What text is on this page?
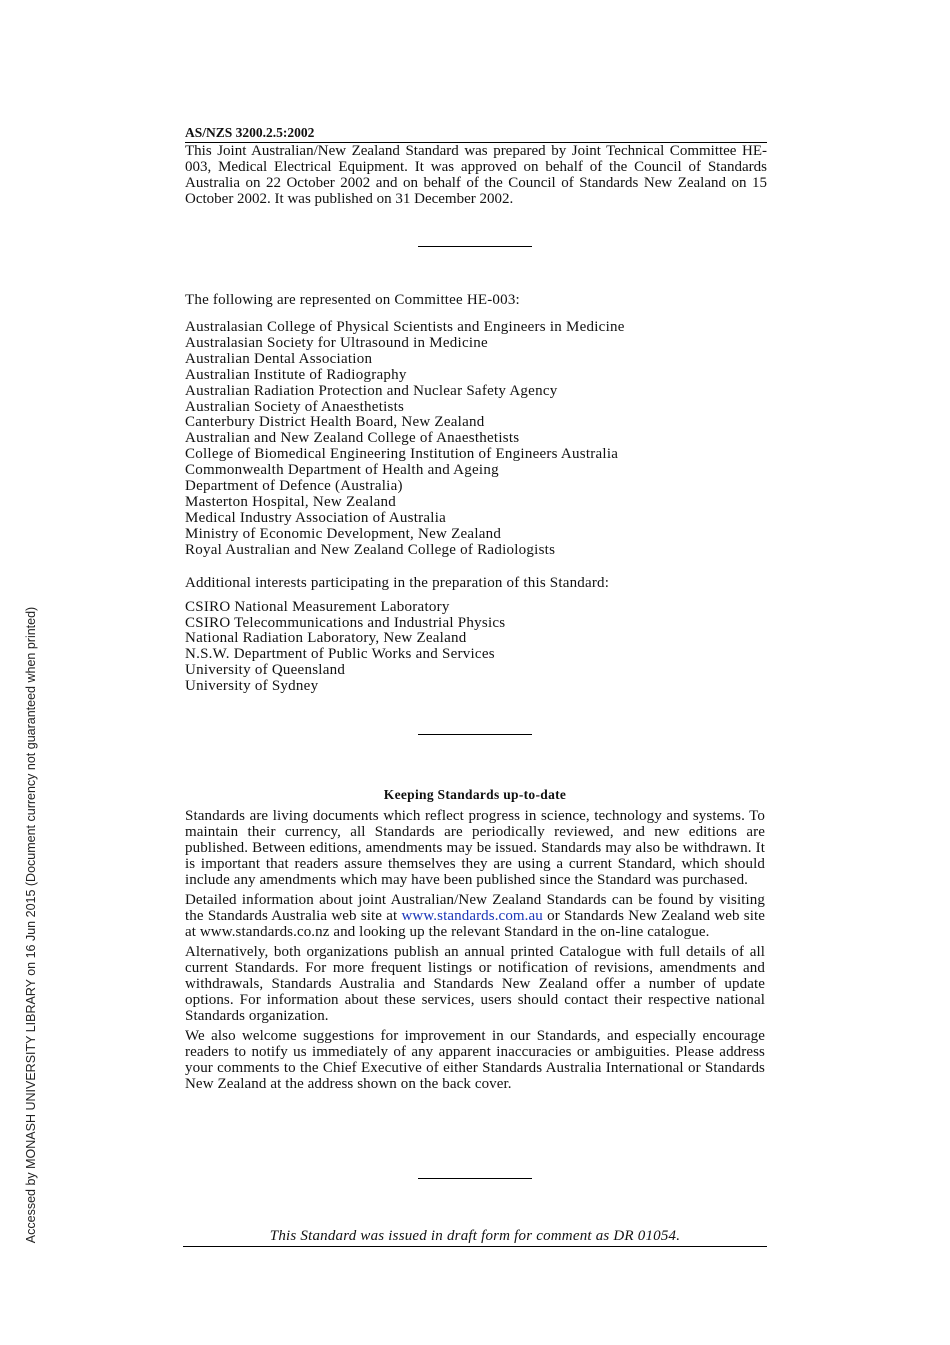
Accessed by MONASH UNIVERSITY LIBRARY on 16 Jun 2015 (Document currency not guaranteed when printed)
AS/NZS 3200.2.5:2002

This Joint Australian/New Zealand Standard was prepared by Joint Technical Committee HE-003, Medical Electrical Equipment. It was approved on behalf of the Council of Standards Australia on 22 October 2002 and on behalf of the Council of Standards New Zealand on 15 October 2002. It was published on 31 December 2002.

The following are represented on Committee HE-003:

Australasian College of Physical Scientists and Engineers in Medicine
Australasian Society for Ultrasound in Medicine
Australian Dental Association
Australian Institute of Radiography
Australian Radiation Protection and Nuclear Safety Agency
Australian Society of Anaesthetists
Canterbury District Health Board, New Zealand
Australian and New Zealand College of Anaesthetists
College of Biomedical Engineering Institution of Engineers Australia
Commonwealth Department of Health and Ageing
Department of Defence (Australia)
Masterton Hospital, New Zealand
Medical Industry Association of Australia
Ministry of Economic Development, New Zealand
Royal Australian and New Zealand College of Radiologists

Additional interests participating in the preparation of this Standard:

CSIRO National Measurement Laboratory
CSIRO Telecommunications and Industrial Physics
National Radiation Laboratory, New Zealand
N.S.W. Department of Public Works and Services
University of Queensland
University of Sydney
Keeping Standards up-to-date

Standards are living documents which reflect progress in science, technology and systems. To maintain their currency, all Standards are periodically reviewed, and new editions are published. Between editions, amendments may be issued. Standards may also be withdrawn. It is important that readers assure themselves they are using a current Standard, which should include any amendments which may have been published since the Standard was purchased.

Detailed information about joint Australian/New Zealand Standards can be found by visiting the Standards Australia web site at www.standards.com.au or Standards New Zealand web site at www.standards.co.nz and looking up the relevant Standard in the on-line catalogue.

Alternatively, both organizations publish an annual printed Catalogue with full details of all current Standards. For more frequent listings or notification of revisions, amendments and withdrawals, Standards Australia and Standards New Zealand offer a number of update options. For information about these services, users should contact their respective national Standards organization.

We also welcome suggestions for improvement in our Standards, and especially encourage readers to notify us immediately of any apparent inaccuracies or ambiguities. Please address your comments to the Chief Executive of either Standards Australia International or Standards New Zealand at the address shown on the back cover.

This Standard was issued in draft form for comment as DR 01054.
